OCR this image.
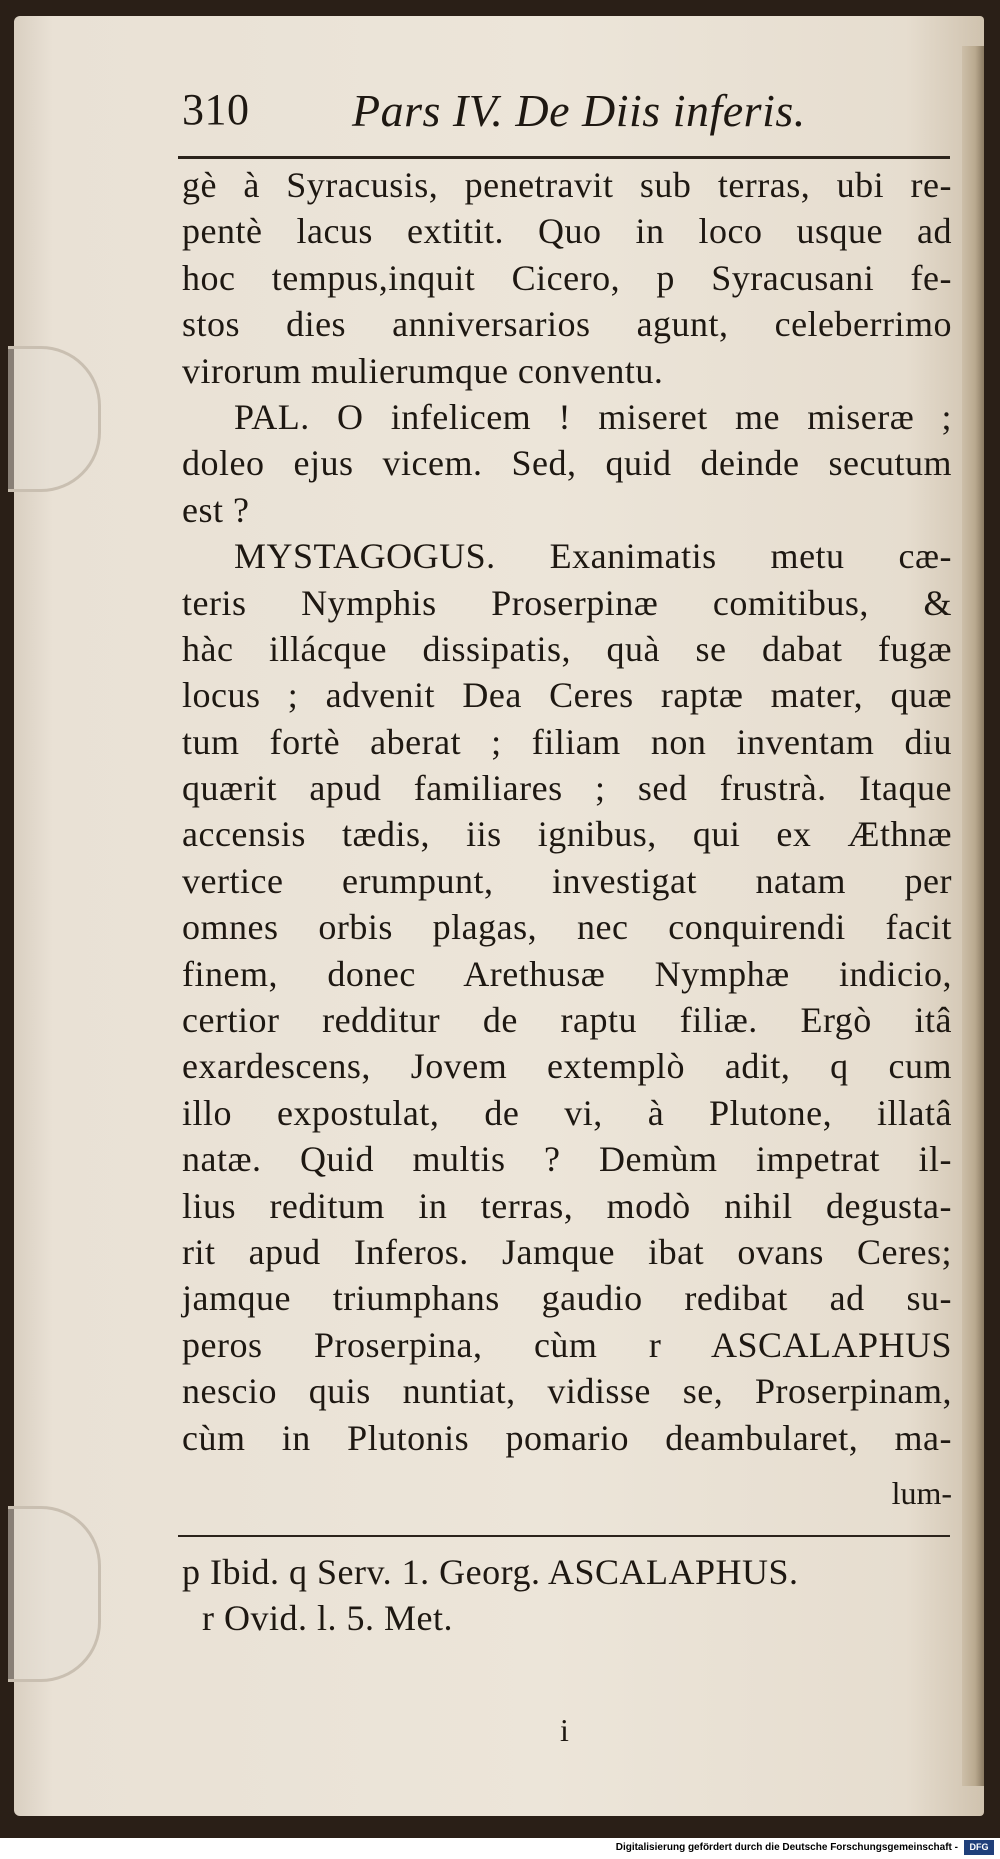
310 Pars IV. De Diis inferis.
gè à Syracusis, penetravit sub terras, ubi re-
pentè lacus extitit. Quo in loco usque ad
hoc tempus,inquit Cicero, p Syracusani fe-
stos dies anniversarios agunt, celeberrimo
virorum mulierumque conventu.
PAL. O infelicem ! miseret me miseræ ;
doleo ejus vicem. Sed, quid deinde secutum
est ?
MYSTAGOGUS. Exanimatis metu cæ-
teris Nymphis Proserpinæ comitibus, &
hàc illácque dissipatis, quà se dabat fugæ
locus ; advenit Dea Ceres raptæ mater, quæ
tum fortè aberat ; filiam non inventam diu
quærit apud familiares ; sed frustrà. Itaque
accensis tædis, iis ignibus, qui ex Æthnæ
vertice erumpunt, investigat natam per
omnes orbis plagas, nec conquirendi facit
finem, donec Arethusæ Nymphæ indicio,
certior redditur de raptu filiæ. Ergò itâ
exardescens, Jovem extemplò adit, q cum
illo expostulat, de vi, à Plutone, illatâ
natæ. Quid multis ? Demùm impetrat il-
lius reditum in terras, modò nihil degusta-
rit apud Inferos. Jamque ibat ovans Ceres;
jamque triumphans gaudio redibat ad su-
peros Proserpina, cùm r ASCALAPHUS
nescio quis nuntiat, vidisse se, Proserpinam,
cùm in Plutonis pomario deambularet, ma-
lum-
p Ibid. q Serv. 1. Georg. ASCALAPHUS.
r Ovid. l. 5. Met.
i
Digitalisierung gefördert durch die Deutsche Forschungsgemeinschaft -	DFG
